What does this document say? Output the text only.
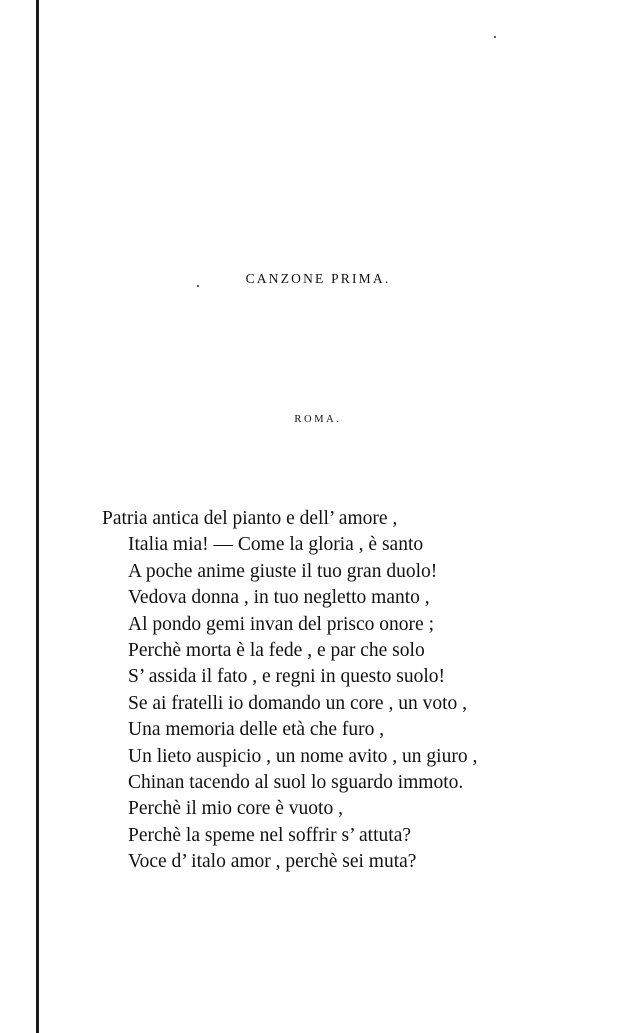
CANZONE PRIMA.
ROMA.
Patria antica del pianto e dell’ amore ,
Italia mia! — Come la gloria , è santo
A poche anime giuste il tuo gran duolo!
Vedova donna , in tuo negletto manto ,
Al pondo gemi invan del prisco onore ;
Perchè morta è la fede , e par che solo
S’ assida il fato , e regni in questo suolo!
Se ai fratelli io domando un core , un voto ,
Una memoria delle età che furo ,
Un lieto auspicio , un nome avito , un giuro ,
Chinan tacendo al suol lo sguardo immoto.
Perchè il mio core è vuoto ,
Perchè la speme nel soffrir s’ attuta?
Voce d’ italo amor , perchè sei muta?
